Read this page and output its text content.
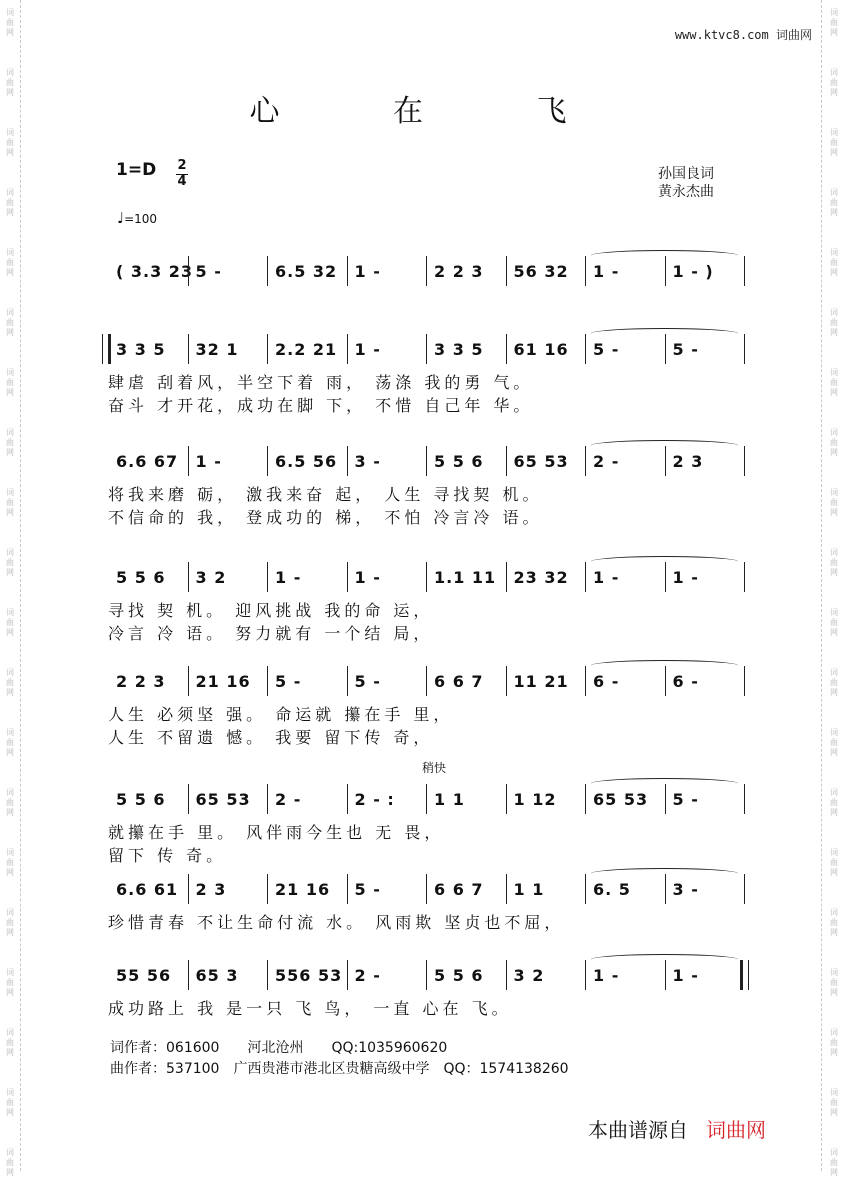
词
曲
网
词
曲
网
词
曲
网
词
曲
网
词
曲
网
词
曲
网
词
曲
网
词
曲
网
词
曲
网
词
曲
网
词
曲
网
词
曲
网
词
曲
网
词
曲
网
词
曲
网
词
曲
网
词
曲
网
词
曲
网
词
曲
网
词
曲
网
词
曲
网
词
曲
网
词
曲
网
词
曲
网
词
曲
网
词
曲
网
词
曲
网
词
曲
网
词
曲
网
词
曲
网
词
曲
网
词
曲
网
词
曲
网
词
曲
网
词
曲
网
词
曲
网
词
曲
网
词
曲
网
词
曲
网
词
曲
网
www.ktvc8.com 词曲网
心 在 飞
1=D 2
4
♩=100
孙国良词
黄永杰曲
稍快
( 3.3 23 5 -	6.5 32 1 -	2 2 3 56 32 1 -	1 - )
3 3 5 32 1 2.2 21 1 -	3 3 5 61 16 5 -	5 -
肆虐 刮着风，半空下着 雨， 荡涤 我的勇 气。
奋斗 才开花，成功在脚 下， 不惜 自己年 华。
6.6 67 1 -	6.5 56 3 -	5 5 6 65 53 2 -	2 3
将我来磨 砺， 激我来奋 起， 人生 寻找契 机。
不信命的 我， 登成功的 梯， 不怕 冷言冷 语。
5 5 6 3 2	1 -	1 -	1.1 11 23 32 1 -	1 -
寻找 契 机。 迎风挑战 我的命 运，
冷言 冷 语。 努力就有 一个结 局，
2 2 3 21 16 5 -	5 -	6 6 7 11 21 6 -	6 -
人生 必须坚 强。 命运就 攥在手 里，
人生 不留遗 憾。 我要 留下传 奇，
5 5 6 65 53 2 -	2 - : 1 1	1 12 65 53 5 -
就攥在手 里。 风伴雨今生也 无 畏，
留下 传 奇。
6.6 61 2 3	21 16 5 -	6 6 7 1 1	6. 5	3 -
珍惜青春 不让生命付流 水。 风雨欺 坚贞也不屈，
55 56 65 3 556 53 2 -	5 5 6 3 2	1 -	1 -
成功路上 我 是一只 飞 鸟， 一直 心在 飞。
词作者：061600　　河北沧州　　QQ:1035960620
曲作者：537100　广西贵港市港北区贵糖高级中学　QQ：1574138260
本曲谱源自 词曲网
